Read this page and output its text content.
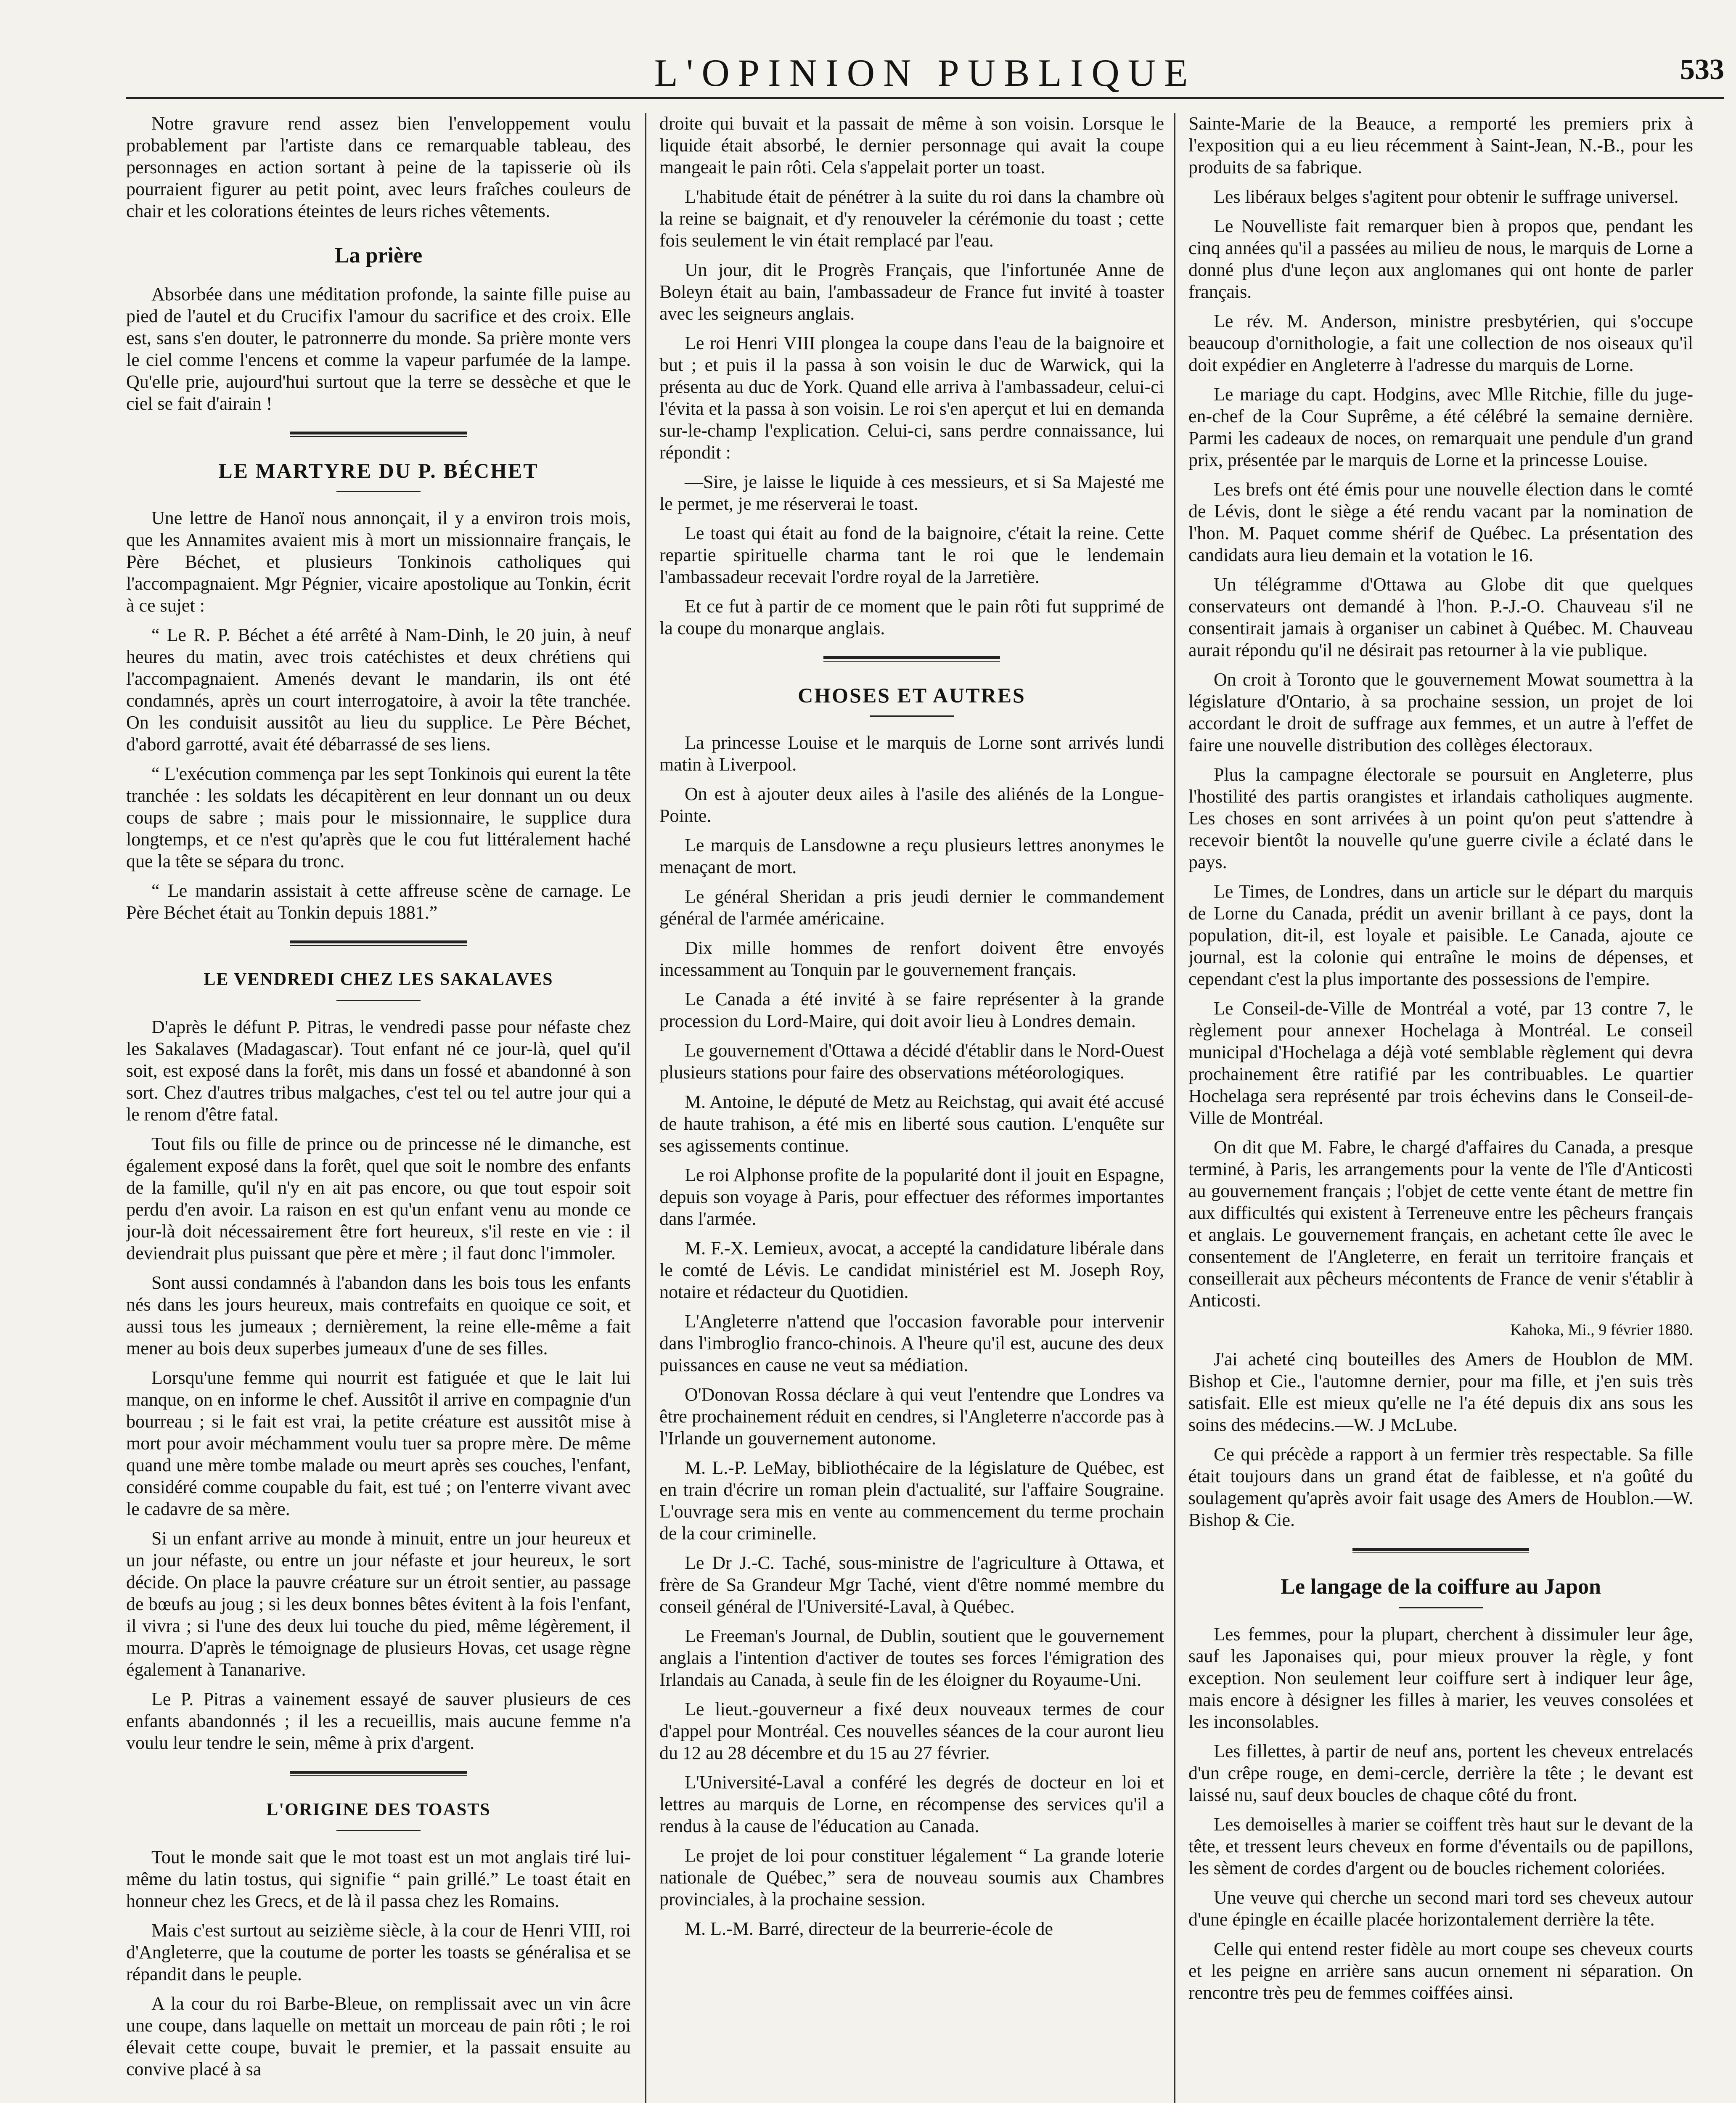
L'OPINION PUBLIQUE	533

Notre gravure rend assez bien l'enveloppement voulu probablement par l'artiste dans ce remarquable tableau, des personnages en action sortant à peine de la tapisserie où ils pourraient figurer au petit point, avec leurs fraîches couleurs de chair et les colorations éteintes de leurs riches vêtements.

La prière

Absorbée dans une méditation profonde, la sainte fille puise au pied de l'autel et du Crucifix l'amour du sacrifice et des croix. Elle est, sans s'en douter, le patronnerre du monde. Sa prière monte vers le ciel comme l'encens et comme la vapeur parfumée de la lampe. Qu'elle prie, aujourd'hui surtout que la terre se dessèche et que le ciel se fait d'airain !

LE MARTYRE DU P. BÉCHET

Une lettre de Hanoï nous annonçait, il y a environ trois mois, que les Annamites avaient mis à mort un missionnaire français, le Père Béchet, et plusieurs Tonkinois catholiques qui l'accompagnaient. Mgr Pégnier, vicaire apostolique au Tonkin, écrit à ce sujet :

“ Le R. P. Béchet a été arrêté à Nam-Dinh, le 20 juin, à neuf heures du matin, avec trois catéchistes et deux chrétiens qui l'accompagnaient. Amenés devant le mandarin, ils ont été condamnés, après un court interrogatoire, à avoir la tête tranchée. On les conduisit aussitôt au lieu du supplice. Le Père Béchet, d'abord garrotté, avait été débarrassé de ses liens.

“ L'exécution commença par les sept Tonkinois qui eurent la tête tranchée : les soldats les décapitèrent en leur donnant un ou deux coups de sabre ; mais pour le missionnaire, le supplice dura longtemps, et ce n'est qu'après que le cou fut littéralement haché que la tête se sépara du tronc.

“ Le mandarin assistait à cette affreuse scène de carnage. Le Père Béchet était au Tonkin depuis 1881.”

LE VENDREDI CHEZ LES SAKALAVES

D'après le défunt P. Pitras, le vendredi passe pour néfaste chez les Sakalaves (Madagascar). Tout enfant né ce jour-là, quel qu'il soit, est exposé dans la forêt, mis dans un fossé et abandonné à son sort. Chez d'autres tribus malgaches, c'est tel ou tel autre jour qui a le renom d'être fatal.

Tout fils ou fille de prince ou de princesse né le dimanche, est également exposé dans la forêt, quel que soit le nombre des enfants de la famille, qu'il n'y en ait pas encore, ou que tout espoir soit perdu d'en avoir. La raison en est qu'un enfant venu au monde ce jour-là doit nécessairement être fort heureux, s'il reste en vie : il deviendrait plus puissant que père et mère ; il faut donc l'immoler.

Sont aussi condamnés à l'abandon dans les bois tous les enfants nés dans les jours heureux, mais contrefaits en quoique ce soit, et aussi tous les jumeaux ; dernièrement, la reine elle-même a fait mener au bois deux superbes jumeaux d'une de ses filles.

Lorsqu'une femme qui nourrit est fatiguée et que le lait lui manque, on en informe le chef. Aussitôt il arrive en compagnie d'un bourreau ; si le fait est vrai, la petite créature est aussitôt mise à mort pour avoir méchamment voulu tuer sa propre mère. De même quand une mère tombe malade ou meurt après ses couches, l'enfant, considéré comme coupable du fait, est tué ; on l'enterre vivant avec le cadavre de sa mère.

Si un enfant arrive au monde à minuit, entre un jour heureux et un jour néfaste, ou entre un jour néfaste et jour heureux, le sort décide. On place la pauvre créature sur un étroit sentier, au passage de bœufs au joug ; si les deux bonnes bêtes évitent à la fois l'enfant, il vivra ; si l'une des deux lui touche du pied, même légèrement, il mourra. D'après le témoignage de plusieurs Hovas, cet usage règne également à Tananarive.

Le P. Pitras a vainement essayé de sauver plusieurs de ces enfants abandonnés ; il les a recueillis, mais aucune femme n'a voulu leur tendre le sein, même à prix d'argent.

L'ORIGINE DES TOASTS

Tout le monde sait que le mot toast est un mot anglais tiré lui-même du latin tostus, qui signifie “ pain grillé.” Le toast était en honneur chez les Grecs, et de là il passa chez les Romains.

Mais c'est surtout au seizième siècle, à la cour de Henri VIII, roi d'Angleterre, que la coutume de porter les toasts se généralisa et se répandit dans le peuple.

A la cour du roi Barbe-Bleue, on remplissait avec un vin âcre une coupe, dans laquelle on mettait un morceau de pain rôti ; le roi élevait cette coupe, buvait le premier, et la passait ensuite au convive placé à sa

droite qui buvait et la passait de même à son voisin. Lorsque le liquide était absorbé, le dernier personnage qui avait la coupe mangeait le pain rôti. Cela s'appelait porter un toast.

L'habitude était de pénétrer à la suite du roi dans la chambre où la reine se baignait, et d'y renouveler la cérémonie du toast ; cette fois seulement le vin était remplacé par l'eau.

Un jour, dit le Progrès Français, que l'infortunée Anne de Boleyn était au bain, l'ambassadeur de France fut invité à toaster avec les seigneurs anglais.

Le roi Henri VIII plongea la coupe dans l'eau de la baignoire et but ; et puis il la passa à son voisin le duc de Warwick, qui la présenta au duc de York. Quand elle arriva à l'ambassadeur, celui-ci l'évita et la passa à son voisin. Le roi s'en aperçut et lui en demanda sur-le-champ l'explication. Celui-ci, sans perdre connaissance, lui répondit :

—Sire, je laisse le liquide à ces messieurs, et si Sa Majesté me le permet, je me réserverai le toast.

Le toast qui était au fond de la baignoire, c'était la reine. Cette repartie spirituelle charma tant le roi que le lendemain l'ambassadeur recevait l'ordre royal de la Jarretière.

Et ce fut à partir de ce moment que le pain rôti fut supprimé de la coupe du monarque anglais.

CHOSES ET AUTRES

La princesse Louise et le marquis de Lorne sont arrivés lundi matin à Liverpool.

On est à ajouter deux ailes à l'asile des aliénés de la Longue-Pointe.

Le marquis de Lansdowne a reçu plusieurs lettres anonymes le menaçant de mort.

Le général Sheridan a pris jeudi dernier le commandement général de l'armée américaine.

Dix mille hommes de renfort doivent être envoyés incessamment au Tonquin par le gouvernement français.

Le Canada a été invité à se faire représenter à la grande procession du Lord-Maire, qui doit avoir lieu à Londres demain.

Le gouvernement d'Ottawa a décidé d'établir dans le Nord-Ouest plusieurs stations pour faire des observations météorologiques.

M. Antoine, le député de Metz au Reichstag, qui avait été accusé de haute trahison, a été mis en liberté sous caution. L'enquête sur ses agissements continue.

Le roi Alphonse profite de la popularité dont il jouit en Espagne, depuis son voyage à Paris, pour effectuer des réformes importantes dans l'armée.

M. F.-X. Lemieux, avocat, a accepté la candidature libérale dans le comté de Lévis. Le candidat ministériel est M. Joseph Roy, notaire et rédacteur du Quotidien.

L'Angleterre n'attend que l'occasion favorable pour intervenir dans l'imbroglio franco-chinois. A l'heure qu'il est, aucune des deux puissances en cause ne veut sa médiation.

O'Donovan Rossa déclare à qui veut l'entendre que Londres va être prochainement réduit en cendres, si l'Angleterre n'accorde pas à l'Irlande un gouvernement autonome.

M. L.-P. LeMay, bibliothécaire de la législature de Québec, est en train d'écrire un roman plein d'actualité, sur l'affaire Sougraine. L'ouvrage sera mis en vente au commencement du terme prochain de la cour criminelle.

Le Dr J.-C. Taché, sous-ministre de l'agriculture à Ottawa, et frère de Sa Grandeur Mgr Taché, vient d'être nommé membre du conseil général de l'Université-Laval, à Québec.

Le Freeman's Journal, de Dublin, soutient que le gouvernement anglais a l'intention d'activer de toutes ses forces l'émigration des Irlandais au Canada, à seule fin de les éloigner du Royaume-Uni.

Le lieut.-gouverneur a fixé deux nouveaux termes de cour d'appel pour Montréal. Ces nouvelles séances de la cour auront lieu du 12 au 28 décembre et du 15 au 27 février.

L'Université-Laval a conféré les degrés de docteur en loi et lettres au marquis de Lorne, en récompense des services qu'il a rendus à la cause de l'éducation au Canada.

Le projet de loi pour constituer légalement “ La grande loterie nationale de Québec,” sera de nouveau soumis aux Chambres provinciales, à la prochaine session.

M. L.-M. Barré, directeur de la beurrerie-école de

Sainte-Marie de la Beauce, a remporté les premiers prix à l'exposition qui a eu lieu récemment à Saint-Jean, N.-B., pour les produits de sa fabrique.

Les libéraux belges s'agitent pour obtenir le suffrage universel.

Le Nouvelliste fait remarquer bien à propos que, pendant les cinq années qu'il a passées au milieu de nous, le marquis de Lorne a donné plus d'une leçon aux anglomanes qui ont honte de parler français.

Le rév. M. Anderson, ministre presbytérien, qui s'occupe beaucoup d'ornithologie, a fait une collection de nos oiseaux qu'il doit expédier en Angleterre à l'adresse du marquis de Lorne.

Le mariage du capt. Hodgins, avec Mlle Ritchie, fille du juge-en-chef de la Cour Suprême, a été célébré la semaine dernière. Parmi les cadeaux de noces, on remarquait une pendule d'un grand prix, présentée par le marquis de Lorne et la princesse Louise.

Les brefs ont été émis pour une nouvelle élection dans le comté de Lévis, dont le siège a été rendu vacant par la nomination de l'hon. M. Paquet comme shérif de Québec. La présentation des candidats aura lieu demain et la votation le 16.

Un télégramme d'Ottawa au Globe dit que quelques conservateurs ont demandé à l'hon. P.-J.-O. Chauveau s'il ne consentirait jamais à organiser un cabinet à Québec. M. Chauveau aurait répondu qu'il ne désirait pas retourner à la vie publique.

On croit à Toronto que le gouvernement Mowat soumettra à la législature d'Ontario, à sa prochaine session, un projet de loi accordant le droit de suffrage aux femmes, et un autre à l'effet de faire une nouvelle distribution des collèges électoraux.

Plus la campagne électorale se poursuit en Angleterre, plus l'hostilité des partis orangistes et irlandais catholiques augmente. Les choses en sont arrivées à un point qu'on peut s'attendre à recevoir bientôt la nouvelle qu'une guerre civile a éclaté dans le pays.

Le Times, de Londres, dans un article sur le départ du marquis de Lorne du Canada, prédit un avenir brillant à ce pays, dont la population, dit-il, est loyale et paisible. Le Canada, ajoute ce journal, est la colonie qui entraîne le moins de dépenses, et cependant c'est la plus importante des possessions de l'empire.

Le Conseil-de-Ville de Montréal a voté, par 13 contre 7, le règlement pour annexer Hochelaga à Montréal. Le conseil municipal d'Hochelaga a déjà voté semblable règlement qui devra prochainement être ratifié par les contribuables. Le quartier Hochelaga sera représenté par trois échevins dans le Conseil-de-Ville de Montréal.

On dit que M. Fabre, le chargé d'affaires du Canada, a presque terminé, à Paris, les arrangements pour la vente de l'île d'Anticosti au gouvernement français ; l'objet de cette vente étant de mettre fin aux difficultés qui existent à Terreneuve entre les pêcheurs français et anglais. Le gouvernement français, en achetant cette île avec le consentement de l'Angleterre, en ferait un territoire français et conseillerait aux pêcheurs mécontents de France de venir s'établir à Anticosti.

Kahoka, Mi., 9 février 1880.

J'ai acheté cinq bouteilles des Amers de Houblon de MM. Bishop et Cie., l'automne dernier, pour ma fille, et j'en suis très satisfait. Elle est mieux qu'elle ne l'a été depuis dix ans sous les soins des médecins.—W. J McLube.

Ce qui précède a rapport à un fermier très respectable. Sa fille était toujours dans un grand état de faiblesse, et n'a goûté du soulagement qu'après avoir fait usage des Amers de Houblon.—W. Bishop & Cie.

Le langage de la coiffure au Japon

Les femmes, pour la plupart, cherchent à dissimuler leur âge, sauf les Japonaises qui, pour mieux prouver la règle, y font exception. Non seulement leur coiffure sert à indiquer leur âge, mais encore à désigner les filles à marier, les veuves consolées et les inconsolables.

Les fillettes, à partir de neuf ans, portent les cheveux entrelacés d'un crêpe rouge, en demi-cercle, derrière la tête ; le devant est laissé nu, sauf deux boucles de chaque côté du front.

Les demoiselles à marier se coiffent très haut sur le devant de la tête, et tressent leurs cheveux en forme d'éventails ou de papillons, les sèment de cordes d'argent ou de boucles richement coloriées.

Une veuve qui cherche un second mari tord ses cheveux autour d'une épingle en écaille placée horizontalement derrière la tête.

Celle qui entend rester fidèle au mort coupe ses cheveux courts et les peigne en arrière sans aucun ornement ni séparation. On rencontre très peu de femmes coiffées ainsi.
